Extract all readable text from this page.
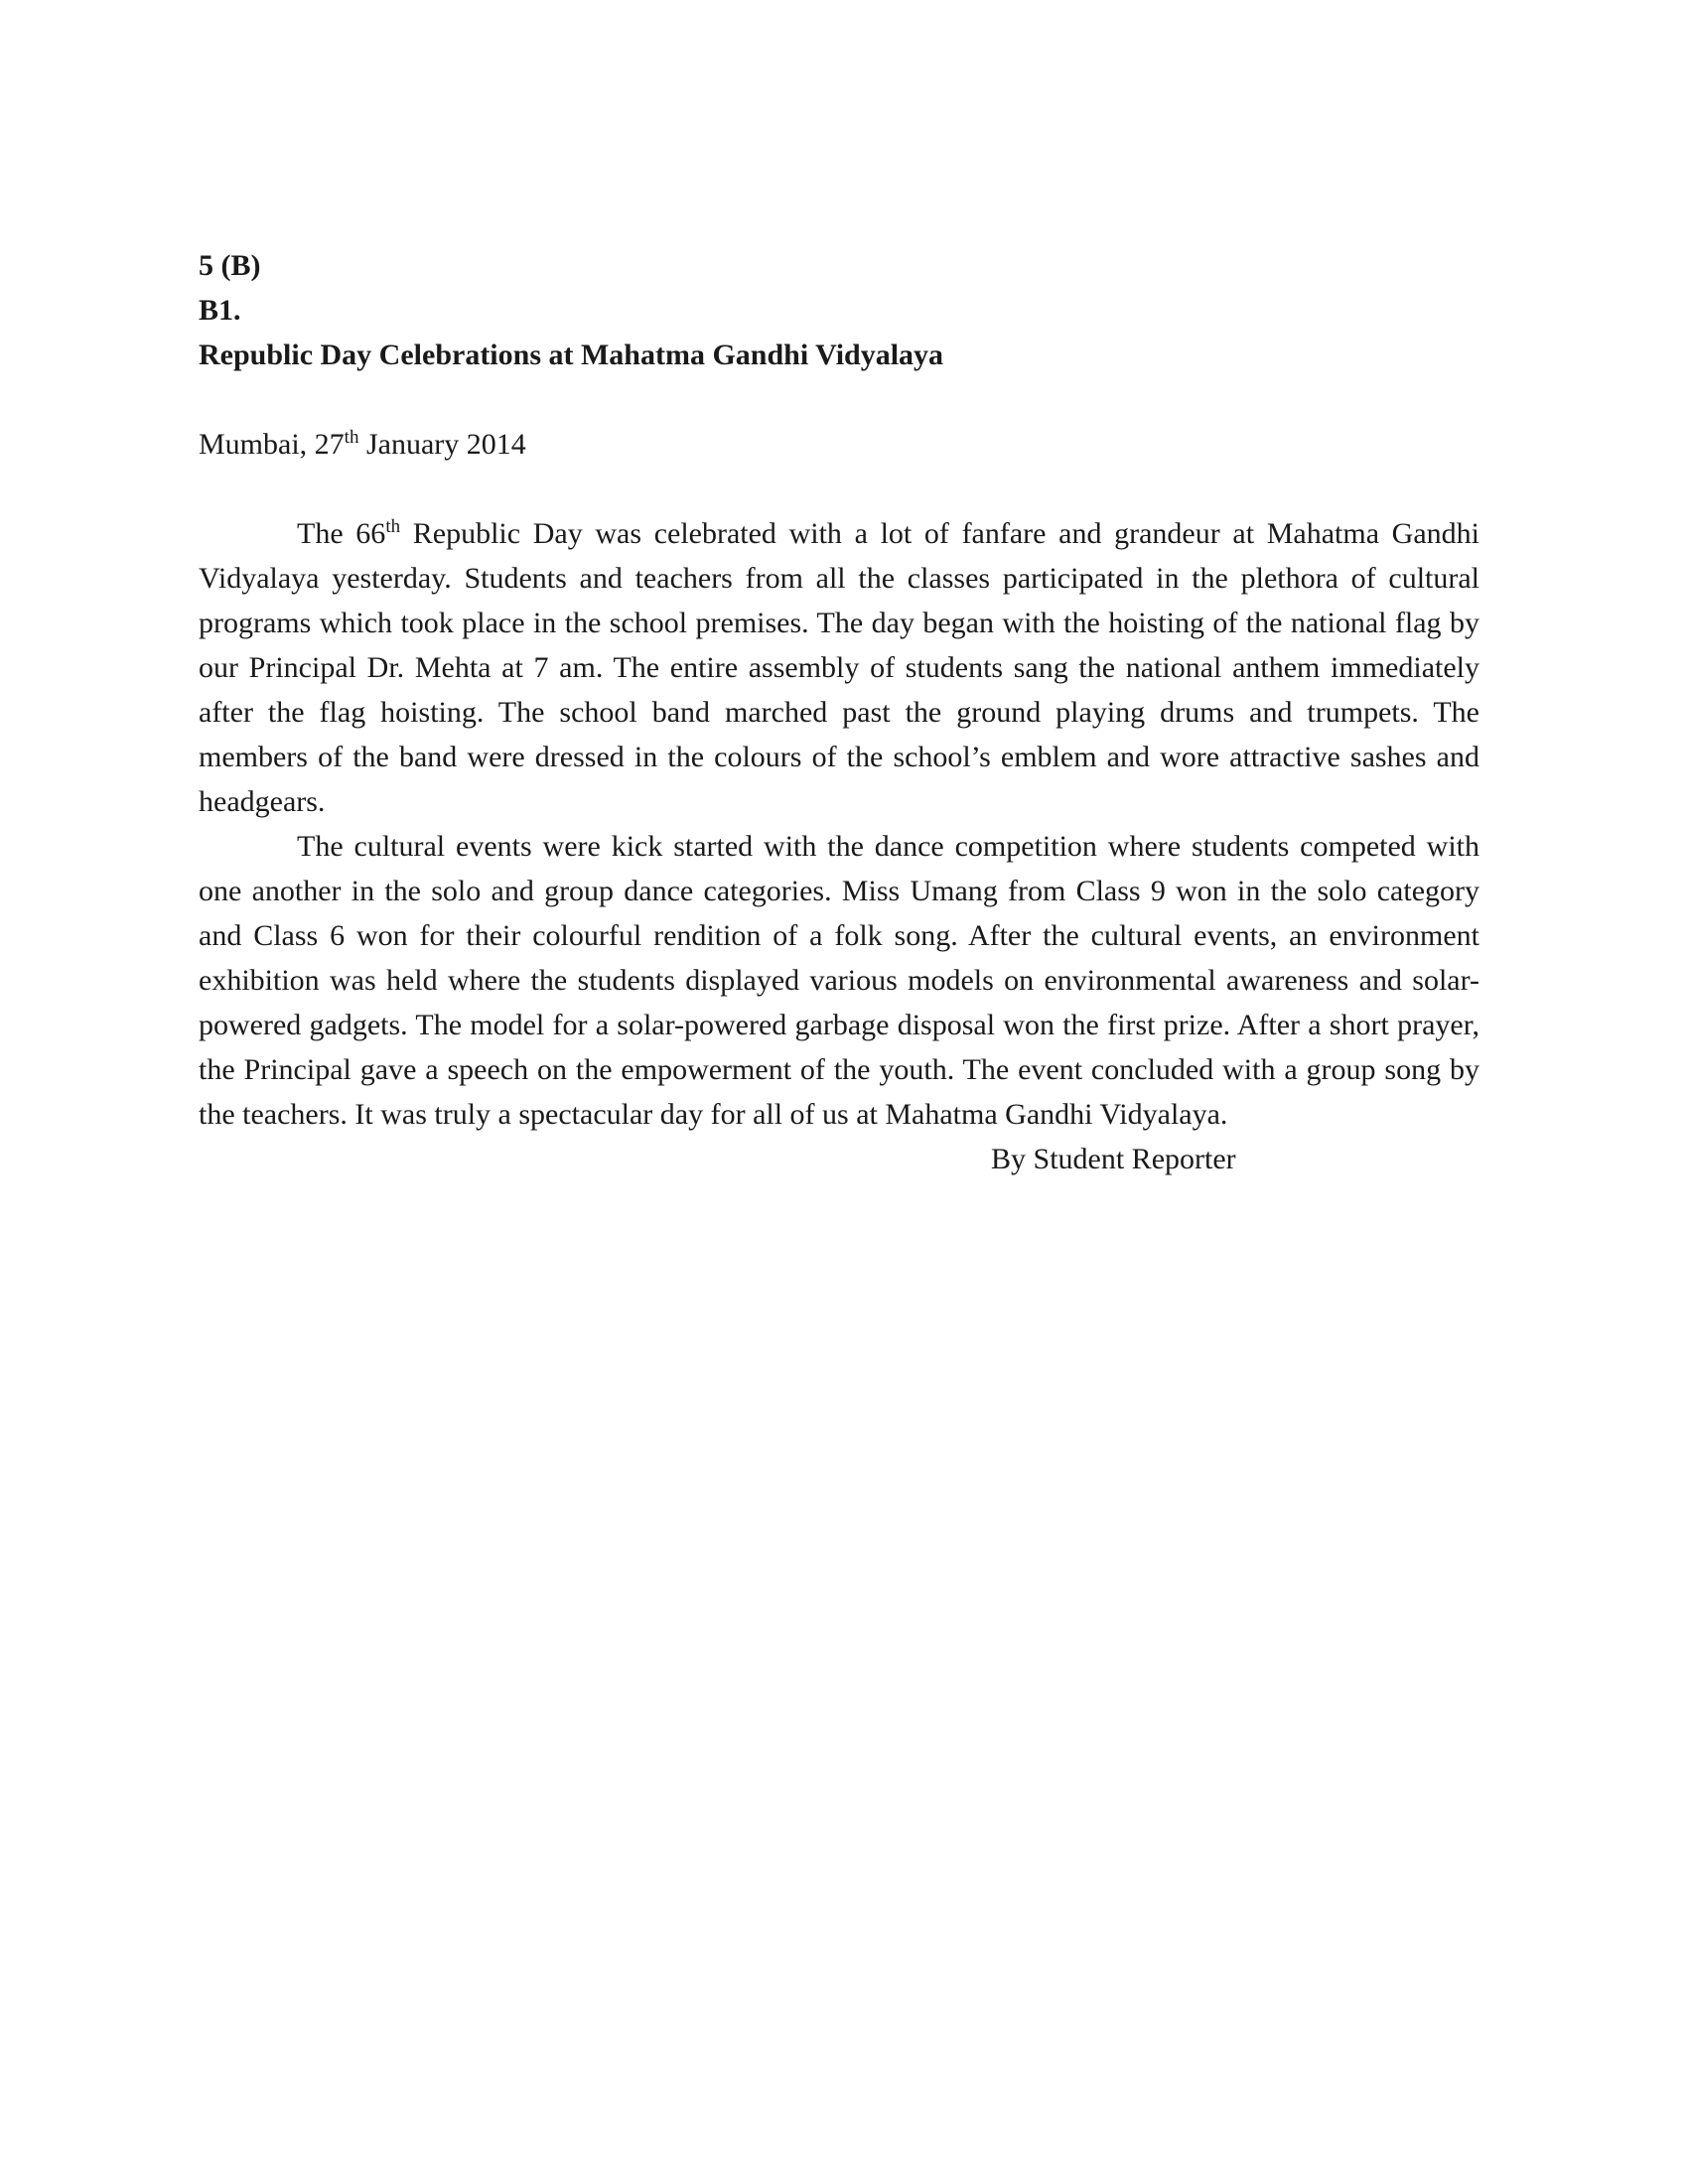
5 (B)

B1.

Republic Day Celebrations at Mahatma Gandhi Vidyalaya

Mumbai, 27th January 2014

The 66th Republic Day was celebrated with a lot of fanfare and grandeur at Mahatma Gandhi Vidyalaya yesterday. Students and teachers from all the classes participated in the plethora of cultural programs which took place in the school premises. The day began with the hoisting of the national flag by our Principal Dr. Mehta at 7 am. The entire assembly of students sang the national anthem immediately after the flag hoisting. The school band marched past the ground playing drums and trumpets. The members of the band were dressed in the colours of the school’s emblem and wore attractive sashes and headgears.

The cultural events were kick started with the dance competition where students competed with one another in the solo and group dance categories. Miss Umang from Class 9 won in the solo category and Class 6 won for their colourful rendition of a folk song. After the cultural events, an environment exhibition was held where the students displayed various models on environmental awareness and solar-powered gadgets. The model for a solar-powered garbage disposal won the first prize. After a short prayer, the Principal gave a speech on the empowerment of the youth. The event concluded with a group song by the teachers. It was truly a spectacular day for all of us at Mahatma Gandhi Vidyalaya.

By Student Reporter
